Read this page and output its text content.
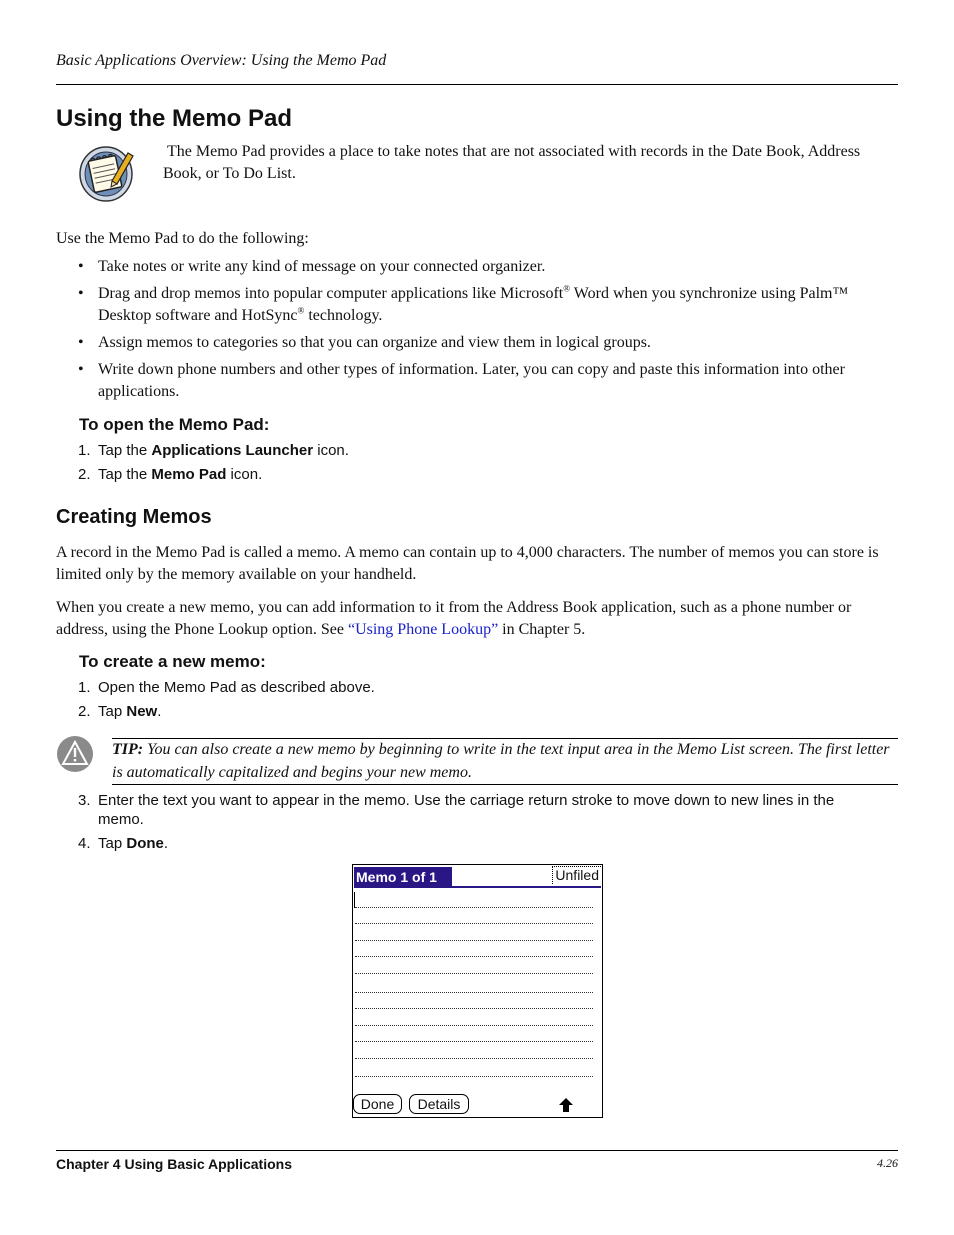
Basic Applications Overview: Using the Memo Pad
Using the Memo Pad
The Memo Pad provides a place to take notes that are not associated with records in the Date Book, Address Book, or To Do List.
Use the Memo Pad to do the following:
• Take notes or write any kind of message on your connected organizer.
• Drag and drop memos into popular computer applications like Microsoft® Word when you synchronize using Palm™ Desktop software and HotSync® technology.
• Assign memos to categories so that you can organize and view them in logical groups.
• Write down phone numbers and other types of information. Later, you can copy and paste this information into other applications.
To open the Memo Pad:
1. Tap the Applications Launcher icon.
2. Tap the Memo Pad icon.
Creating Memos
A record in the Memo Pad is called a memo. A memo can contain up to 4,000 characters. The number of memos you can store is limited only by the memory available on your handheld.
When you create a new memo, you can add information to it from the Address Book application, such as a phone number or address, using the Phone Lookup option. See “Using Phone Lookup” in Chapter 5.
To create a new memo:
1. Open the Memo Pad as described above.
2. Tap New.
TIP: You can also create a new memo by beginning to write in the text input area in the Memo List screen. The first letter is automatically capitalized and begins your new memo.
3. Enter the text you want to appear in the memo. Use the carriage return stroke to move down to new lines in the memo.
4. Tap Done.
Memo 1 of 1	Unfiled
Done	Details
Chapter 4 Using Basic Applications	4.26
